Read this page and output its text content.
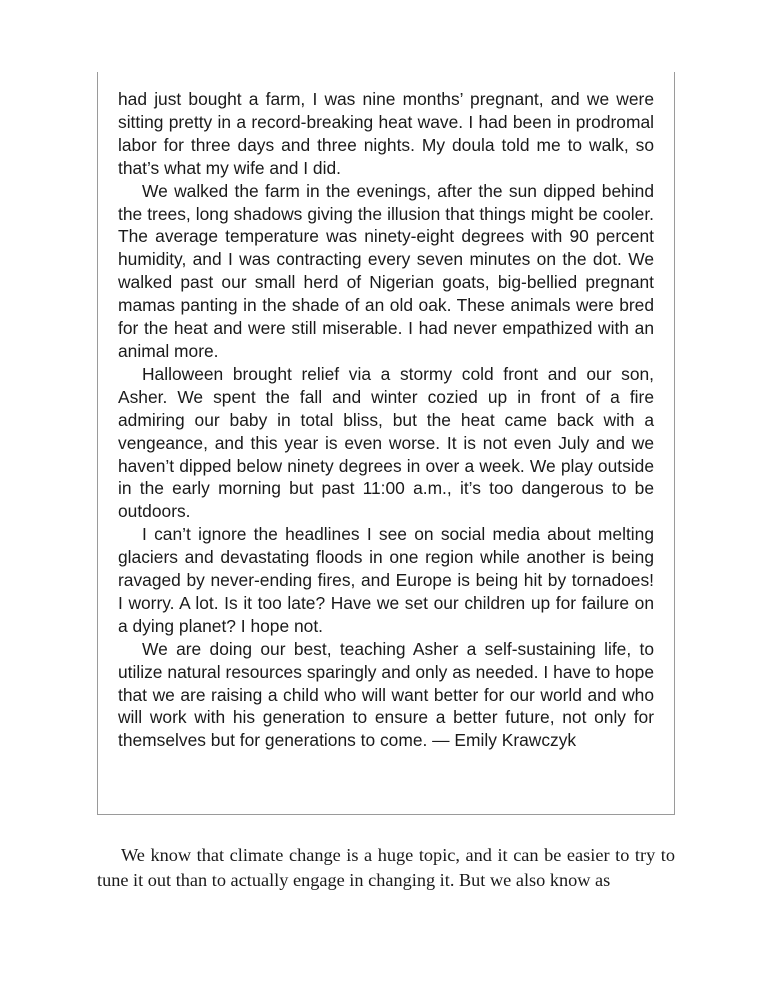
had just bought a farm, I was nine months’ pregnant, and we were sitting pretty in a record-breaking heat wave. I had been in prodromal labor for three days and three nights. My doula told me to walk, so that’s what my wife and I did.

We walked the farm in the evenings, after the sun dipped behind the trees, long shadows giving the illusion that things might be cooler. The average temperature was ninety-eight degrees with 90 percent humidity, and I was contracting every seven minutes on the dot. We walked past our small herd of Nigerian goats, big-bellied pregnant mamas panting in the shade of an old oak. These animals were bred for the heat and were still miserable. I had never empathized with an animal more.

Halloween brought relief via a stormy cold front and our son, Asher. We spent the fall and winter cozied up in front of a fire admiring our baby in total bliss, but the heat came back with a vengeance, and this year is even worse. It is not even July and we haven’t dipped below ninety degrees in over a week. We play outside in the early morning but past 11:00 a.m., it’s too dangerous to be outdoors.

I can’t ignore the headlines I see on social media about melting glaciers and devastating floods in one region while another is being ravaged by never-ending fires, and Europe is being hit by tornadoes! I worry. A lot. Is it too late? Have we set our children up for failure on a dying planet? I hope not.

We are doing our best, teaching Asher a self-sustaining life, to utilize natural resources sparingly and only as needed. I have to hope that we are raising a child who will want better for our world and who will work with his generation to ensure a better future, not only for themselves but for generations to come. — Emily Krawczyk

We know that climate change is a huge topic, and it can be easier to try to tune it out than to actually engage in changing it. But we also know as
